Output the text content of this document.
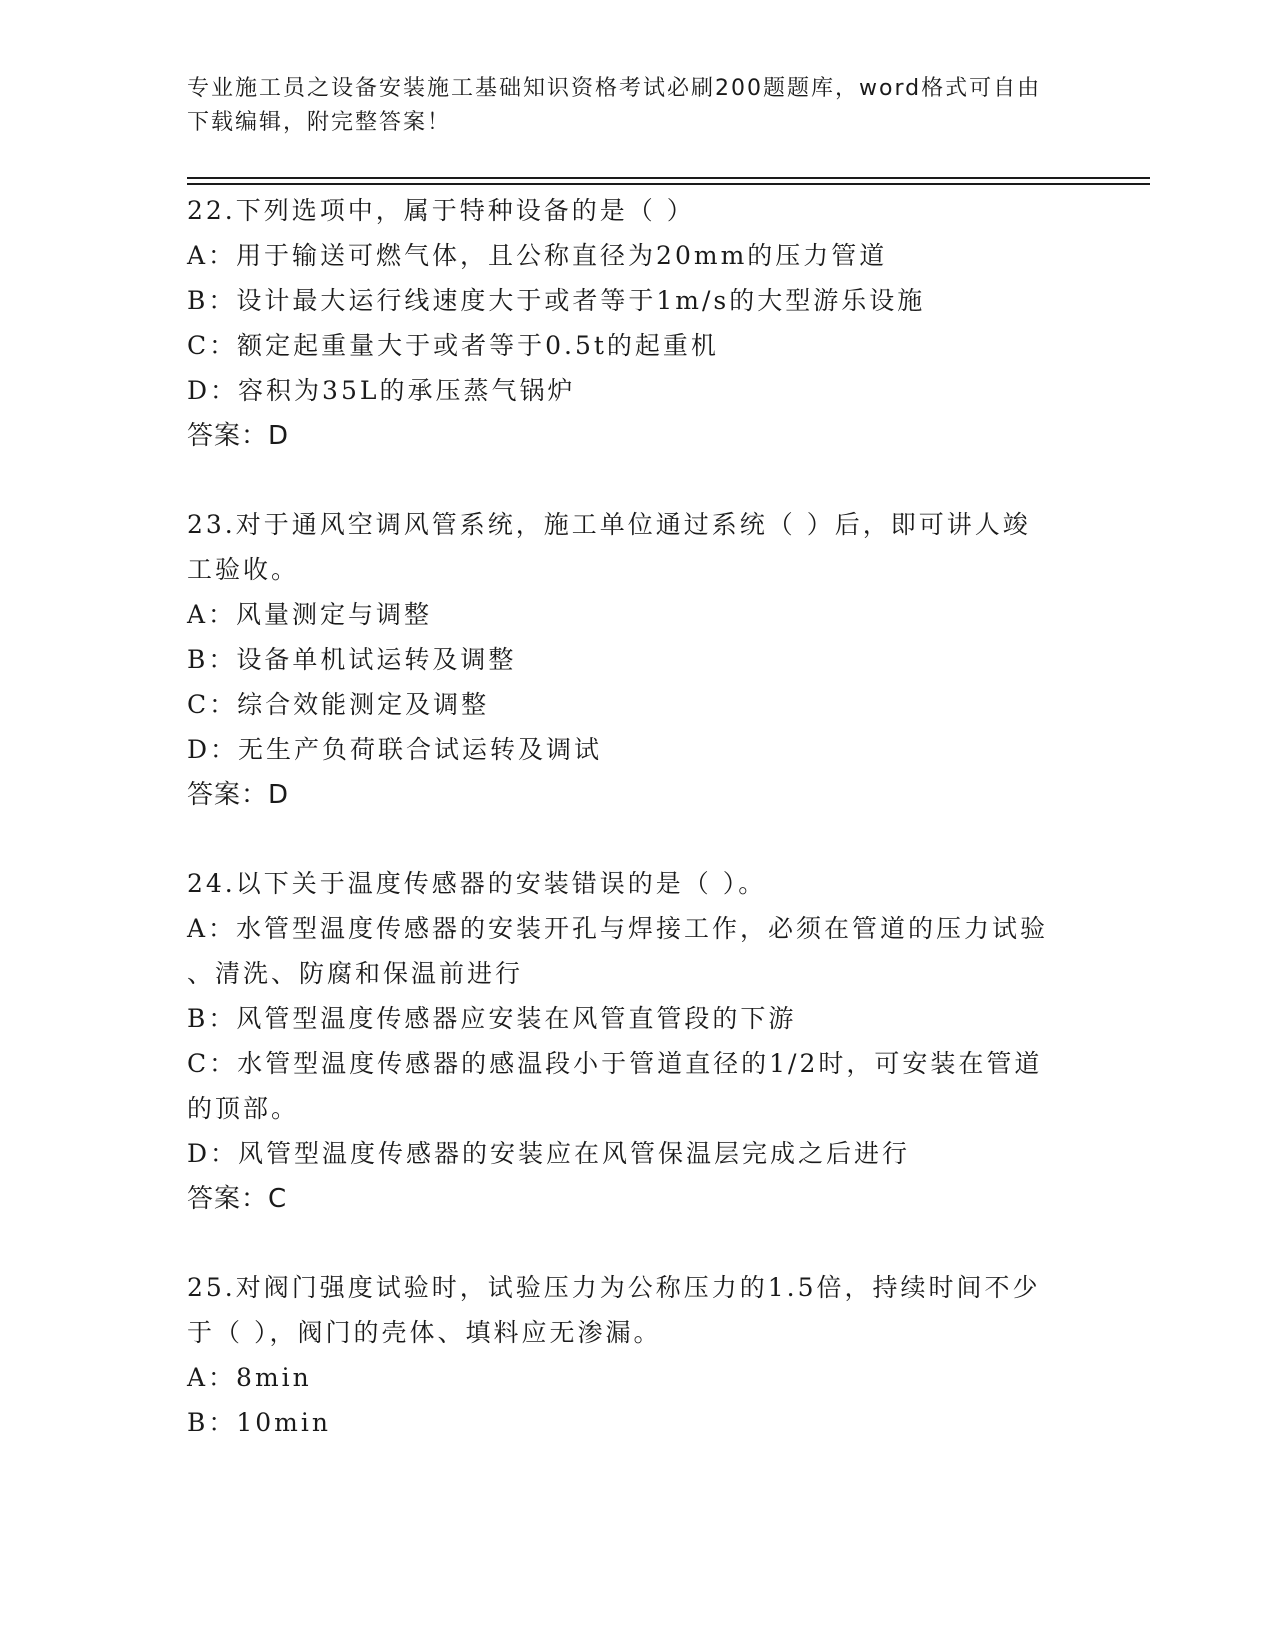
专业施工员之设备安装施工基础知识资格考试必刷200题题库，word格式可自由
下载编辑，附完整答案！
22.下列选项中，属于特种设备的是（ ）
A：用于输送可燃气体，且公称直径为20mm的压力管道
B：设计最大运行线速度大于或者等于1m/s的大型游乐设施
C：额定起重量大于或者等于0.5t的起重机
D：容积为35L的承压蒸气锅炉
答案：D
23.对于通风空调风管系统，施工单位通过系统（ ）后，即可讲人竣
工验收。
A：风量测定与调整
B：设备单机试运转及调整
C：综合效能测定及调整
D：无生产负荷联合试运转及调试
答案：D
24.以下关于温度传感器的安装错误的是（ ）。
A：水管型温度传感器的安装开孔与焊接工作，必须在管道的压力试验
、清洗、防腐和保温前进行
B：风管型温度传感器应安装在风管直管段的下游
C：水管型温度传感器的感温段小于管道直径的1/2时，可安装在管道
的顶部。
D：风管型温度传感器的安装应在风管保温层完成之后进行
答案：C
25.对阀门强度试验时，试验压力为公称压力的1.5倍，持续时间不少
于（ ），阀门的壳体、填料应无渗漏。
A：8min
B：10min
